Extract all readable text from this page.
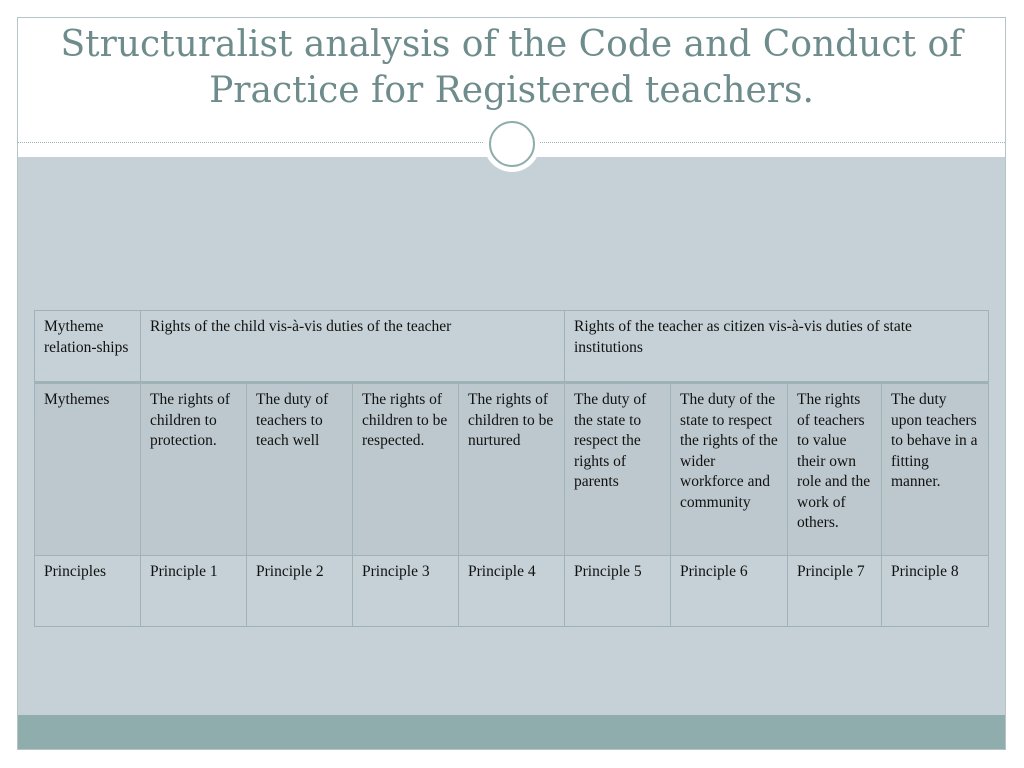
Structuralist analysis of the Code and Conduct of Practice for Registered teachers.
Mytheme relation-ships	Rights of the child vis-à-vis duties of the teacher				Rights of the teacher as citizen vis-à-vis duties of state institutions			
Mythemes	The rights of children to protection.	The duty of teachers to teach well	The rights of children to be respected.	The rights of children to be nurtured	The duty of the state to respect the rights of parents	The duty of the state to respect the rights of the wider workforce and community	The rights of teachers to value their own role and the work of others.	The duty upon teachers to behave in a fitting manner.
Principles	Principle 1	Principle 2	Principle 3	Principle 4	Principle 5	Principle 6	Principle 7	Principle 8
